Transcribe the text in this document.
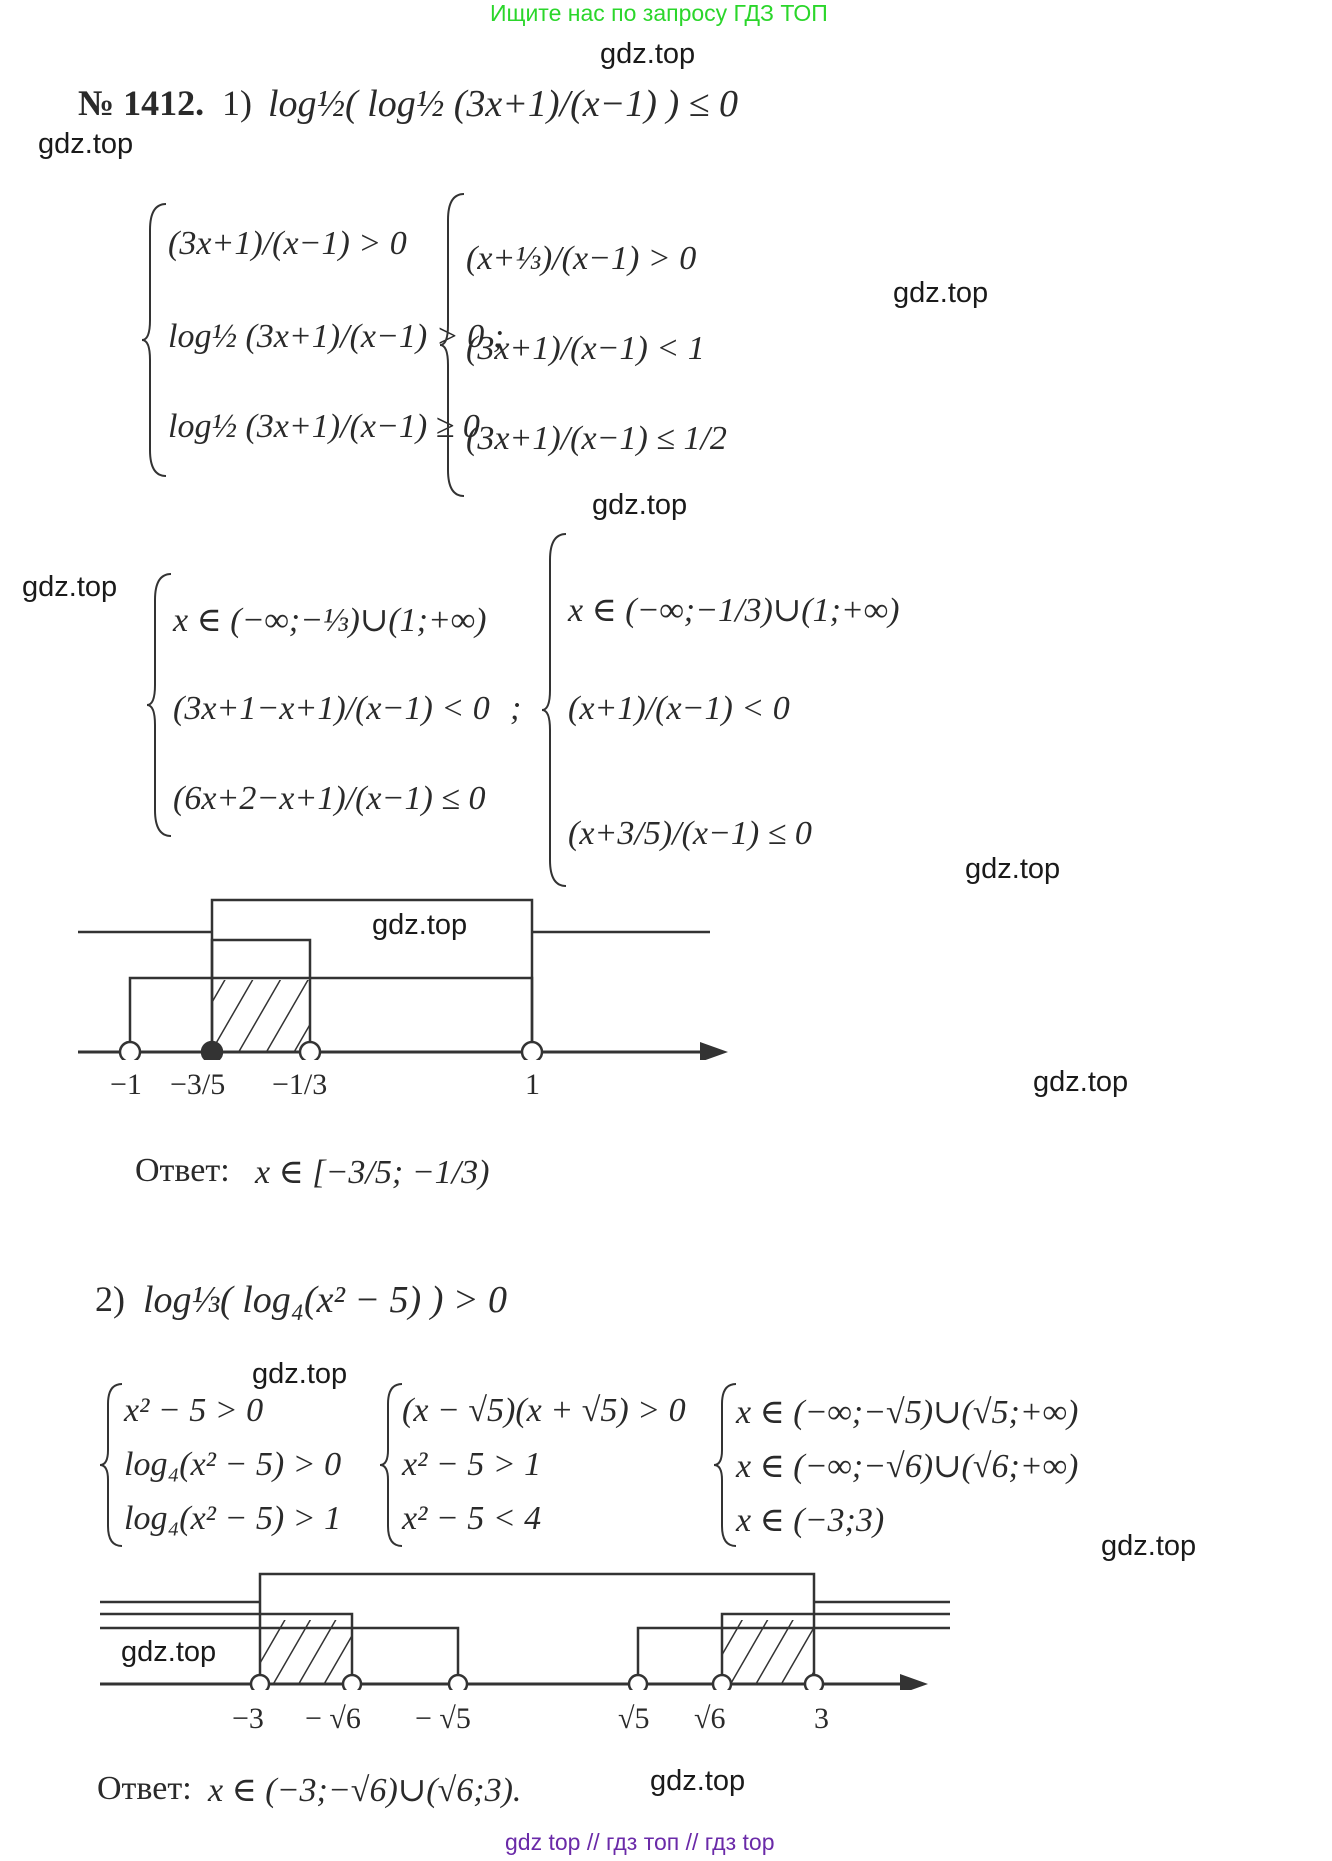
Ищите нас по запросу ГДЗ ТОП
gdz top // гдз топ // гдз top
gdz.top
gdz.top
gdz.top
gdz.top
gdz.top
gdz.top
gdz.top
gdz.top
gdz.top
gdz.top
gdz.top
gdz.top
№ 1412. 1) log½( log½ (3x+1)/(x−1) ) ≤ 0
(3x+1)/(x−1) > 0
log½ (3x+1)/(x−1) > 0 ;
log½ (3x+1)/(x−1) ≥ 0
(x+⅓)/(x−1) > 0
(3x+1)/(x−1) < 1
(3x+1)/(x−1) ≤ 1/2
x ∈ (−∞;−⅓)∪(1;+∞)
(3x+1−x+1)/(x−1) < 0
(6x+2−x+1)/(x−1) ≤ 0
;
x ∈ (−∞;−1/3)∪(1;+∞)
(x+1)/(x−1) < 0
(x+3/5)/(x−1) ≤ 0
−1 −3/5 −1/3	1
Ответ: x ∈ [−3/5; −1/3)
2) log⅓( log₄(x² − 5) ) > 0
x² − 5 > 0
log₄(x² − 5) > 0
log₄(x² − 5) > 1
(x − √5)(x + √5) > 0
x² − 5 > 1
x² − 5 < 4
x ∈ (−∞;−√5)∪(√5;+∞)
x ∈ (−∞;−√6)∪(√6;+∞)
x ∈ (−3;3)
−3 − √6 − √5	√5 √6	3
Ответ: x ∈ (−3;−√6)∪(√6;3).
